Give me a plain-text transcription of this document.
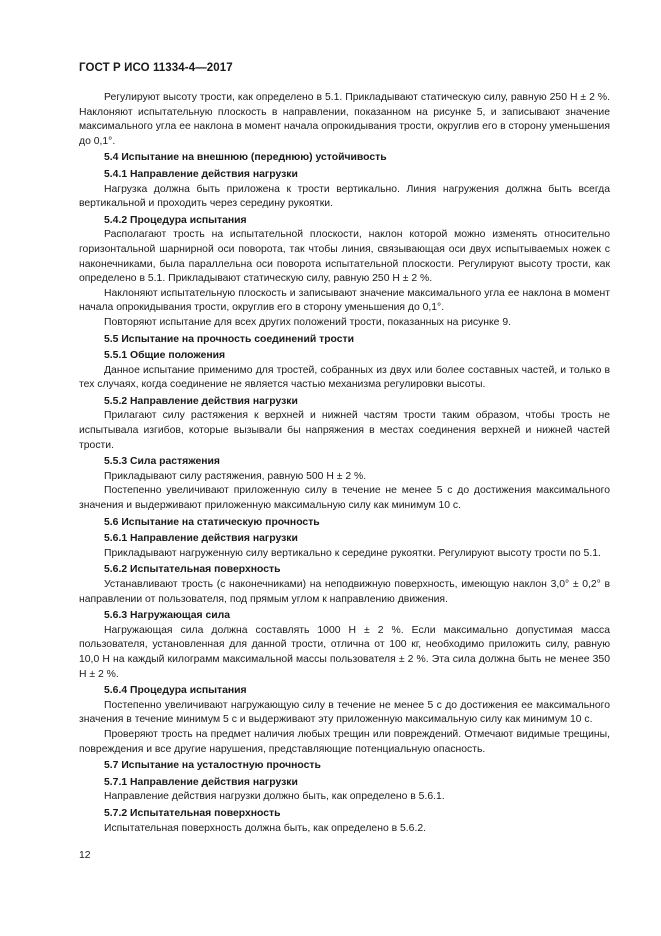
ГОСТ Р ИСО 11334-4—2017

Регулируют высоту трости, как определено в 5.1. Прикладывают статическую силу, равную 250 Н ± 2 %. Наклоняют испытательную плоскость в направлении, показанном на рисунке 5, и записывают значение максимального угла ее наклона в момент начала опрокидывания трости, округлив его в сторону уменьшения до 0,1°.

5.4 Испытание на внешнюю (переднюю) устойчивость
5.4.1 Направление действия нагрузки

Нагрузка должна быть приложена к трости вертикально. Линия нагружения должна быть всегда вертикальной и проходить через середину рукоятки.

5.4.2 Процедура испытания

Располагают трость на испытательной плоскости, наклон которой можно изменять относительно горизонтальной шарнирной оси поворота, так чтобы линия, связывающая оси двух испытываемых ножек с наконечниками, была параллельна оси поворота испытательной плоскости. Регулируют высоту трости, как определено в 5.1. Прикладывают статическую силу, равную 250 Н ± 2 %.

Наклоняют испытательную плоскость и записывают значение максимального угла ее наклона в момент начала опрокидывания трости, округлив его в сторону уменьшения до 0,1°.

Повторяют испытание для всех других положений трости, показанных на рисунке 9.

5.5 Испытание на прочность соединений трости
5.5.1 Общие положения

Данное испытание применимо для тростей, собранных из двух или более составных частей, и только в тех случаях, когда соединение не является частью механизма регулировки высоты.

5.5.2 Направление действия нагрузки

Прилагают силу растяжения к верхней и нижней частям трости таким образом, чтобы трость не испытывала изгибов, которые вызывали бы напряжения в местах соединения верхней и нижней частей трости.

5.5.3 Сила растяжения

Прикладывают силу растяжения, равную 500 Н ± 2 %.

Постепенно увеличивают приложенную силу в течение не менее 5 с до достижения максимального значения и выдерживают приложенную максимальную силу как минимум 10 с.

5.6 Испытание на статическую прочность
5.6.1 Направление действия нагрузки

Прикладывают нагруженную силу вертикально к середине рукоятки. Регулируют высоту трости по 5.1.

5.6.2 Испытательная поверхность

Устанавливают трость (с наконечниками) на неподвижную поверхность, имеющую наклон 3,0° ± 0,2° в направлении от пользователя, под прямым углом к направлению движения.

5.6.3 Нагружающая сила

Нагружающая сила должна составлять 1000 Н ± 2 %. Если максимально допустимая масса пользователя, установленная для данной трости, отлична от 100 кг, необходимо приложить силу, равную 10,0 Н на каждый килограмм максимальной массы пользователя ± 2 %. Эта сила должна быть не менее 350 Н ± 2 %.

5.6.4 Процедура испытания

Постепенно увеличивают нагружающую силу в течение не менее 5 с до достижения ее максимального значения в течение минимум 5 с и выдерживают эту приложенную максимальную силу как минимум 10 с.

Проверяют трость на предмет наличия любых трещин или повреждений. Отмечают видимые трещины, повреждения и все другие нарушения, представляющие потенциальную опасность.

5.7 Испытание на усталостную прочность
5.7.1 Направление действия нагрузки

Направление действия нагрузки должно быть, как определено в 5.6.1.

5.7.2 Испытательная поверхность

Испытательная поверхность должна быть, как определено в 5.6.2.

12
